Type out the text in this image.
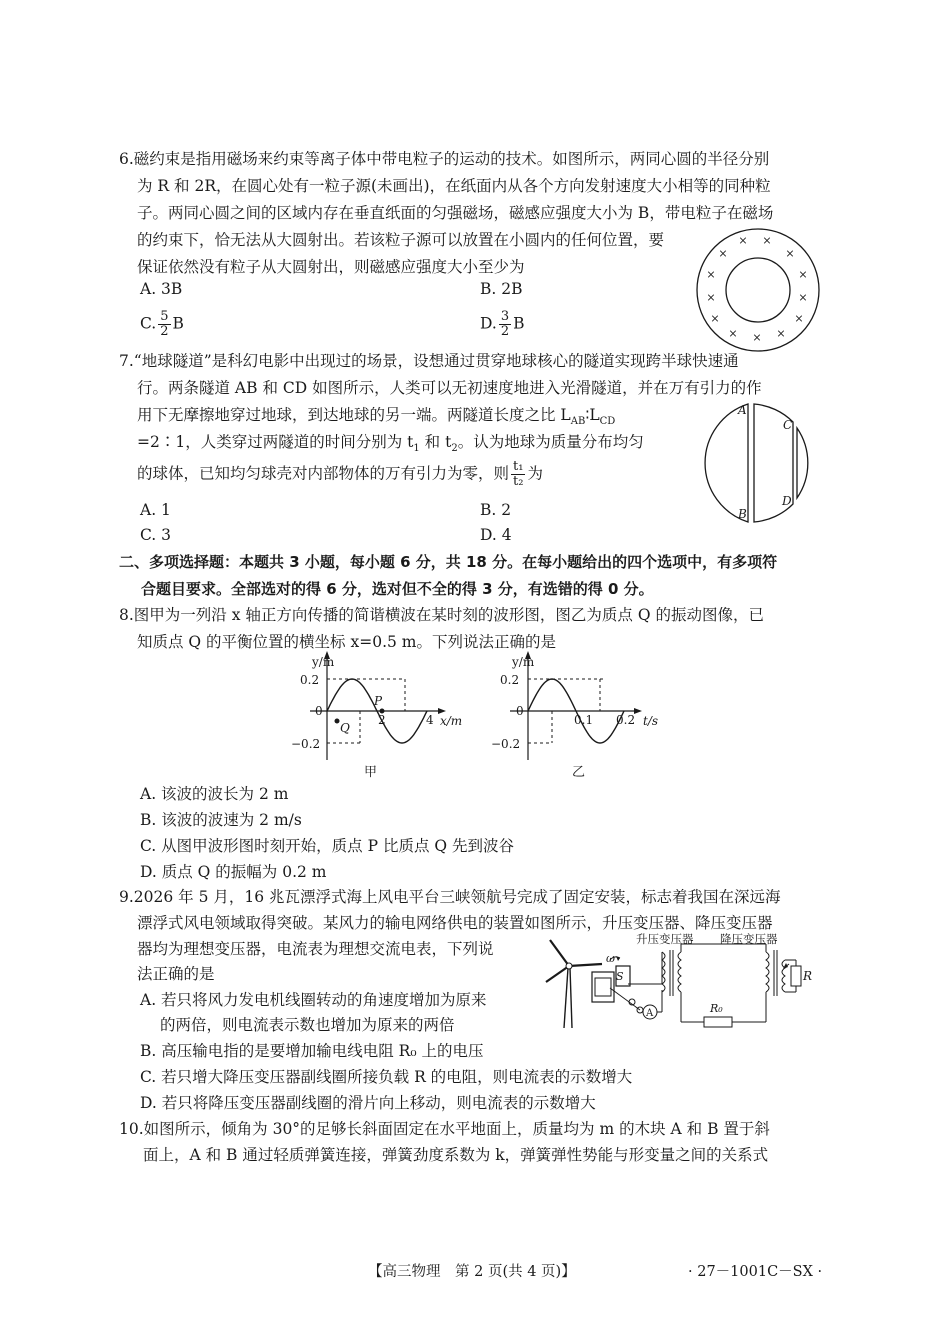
6.磁约束是指用磁场来约束等离子体中带电粒子的运动的技术。如图所示，两同心圆的半径分别
为 R 和 2R，在圆心处有一粒子源(未画出)，在纸面内从各个方向发射速度大小相等的同种粒
子。两同心圆之间的区域内存在垂直纸面的匀强磁场，磁感应强度大小为 B，带电粒子在磁场
的约束下，恰无法从大圆射出。若该粒子源可以放置在小圆内的任何位置，要
保证依然没有粒子从大圆射出，则磁感应强度大小至少为
A. 3B	B. 2B
C. $\frac{5}{2}$ B	D. $\frac{3}{2}$ B
× ×
×	×
×	×
×	×
×	×
× × ×
7.“地球隧道”是科幻电影中出现过的场景，设想通过贯穿地球核心的隧道实现跨半球快速通
行。两条隧道 AB 和 CD 如图所示，人类可以无初速度地进入光滑隧道，并在万有引力的作
用下无摩擦地穿过地球，到达地球的另一端。两隧道长度之比 $L_{AB}∶L_{CD}$
=2∶1，人类穿过两隧道的时间分别为 $t_1$ 和 $t_2$。认为地球为质量分布均匀
的球体，已知均匀球壳对内部物体的万有引力为零，则 $\frac{\text{t₁}}{\text{t₂}}$ 为
A. 1	B. 2
C. 3	D. 4
A
B
C
D
二、多项选择题：本题共 3 小题，每小题 6 分，共 18 分。在每小题给出的四个选项中，有多项符
合题目要求。全部选对的得 6 分，选对但不全的得 3 分，有选错的得 0 分。
8.图甲为一列沿 x 轴正方向传播的简谐横波在某时刻的波形图，图乙为质点 Q 的振动图像，已
知质点 Q 的平衡位置的横坐标 x=0.5 m。下列说法正确的是
y/m
0.2
−0.2
0
2	4 x/m
P
Q
甲
y/m
0.2
−0.2
0
0.1 0.2 t/s
乙
A. 该波的波长为 2 m
B. 该波的波速为 2 m/s
C. 从图甲波形图时刻开始，质点 P 比质点 Q 先到波谷
D. 质点 Q 的振幅为 0.2 m
9.2026 年 5 月，16 兆瓦漂浮式海上风电平台三峡领航号完成了固定安装，标志着我国在深远海
漂浮式风电领域取得突破。某风力的输电网络供电的装置如图所示，升压变压器、降压变压器
器均为理想变压器，电流表为理想交流电表，下列说
法正确的是
A. 若只将风力发电机线圈转动的角速度增加为原来
的两倍，则电流表示数也增加为原来的两倍
B. 高压输电指的是要增加输电线电阻 R₀ 上的电压
C. 若只增大降压变压器副线圈所接负载 R 的电阻，则电流表的示数增大
D. 若只将降压变压器副线圈的滑片向上移动，则电流表的示数增大
S
ω
A	R₀
R
升压变压器 降压变压器
10.如图所示，倾角为 30°的足够长斜面固定在水平地面上，质量均为 m 的木块 A 和 B 置于斜
面上，A 和 B 通过轻质弹簧连接，弹簧劲度系数为 k，弹簧弹性势能与形变量之间的关系式
【高三物理　第 2 页(共 4 页)】	· 27－1001C－SX ·
